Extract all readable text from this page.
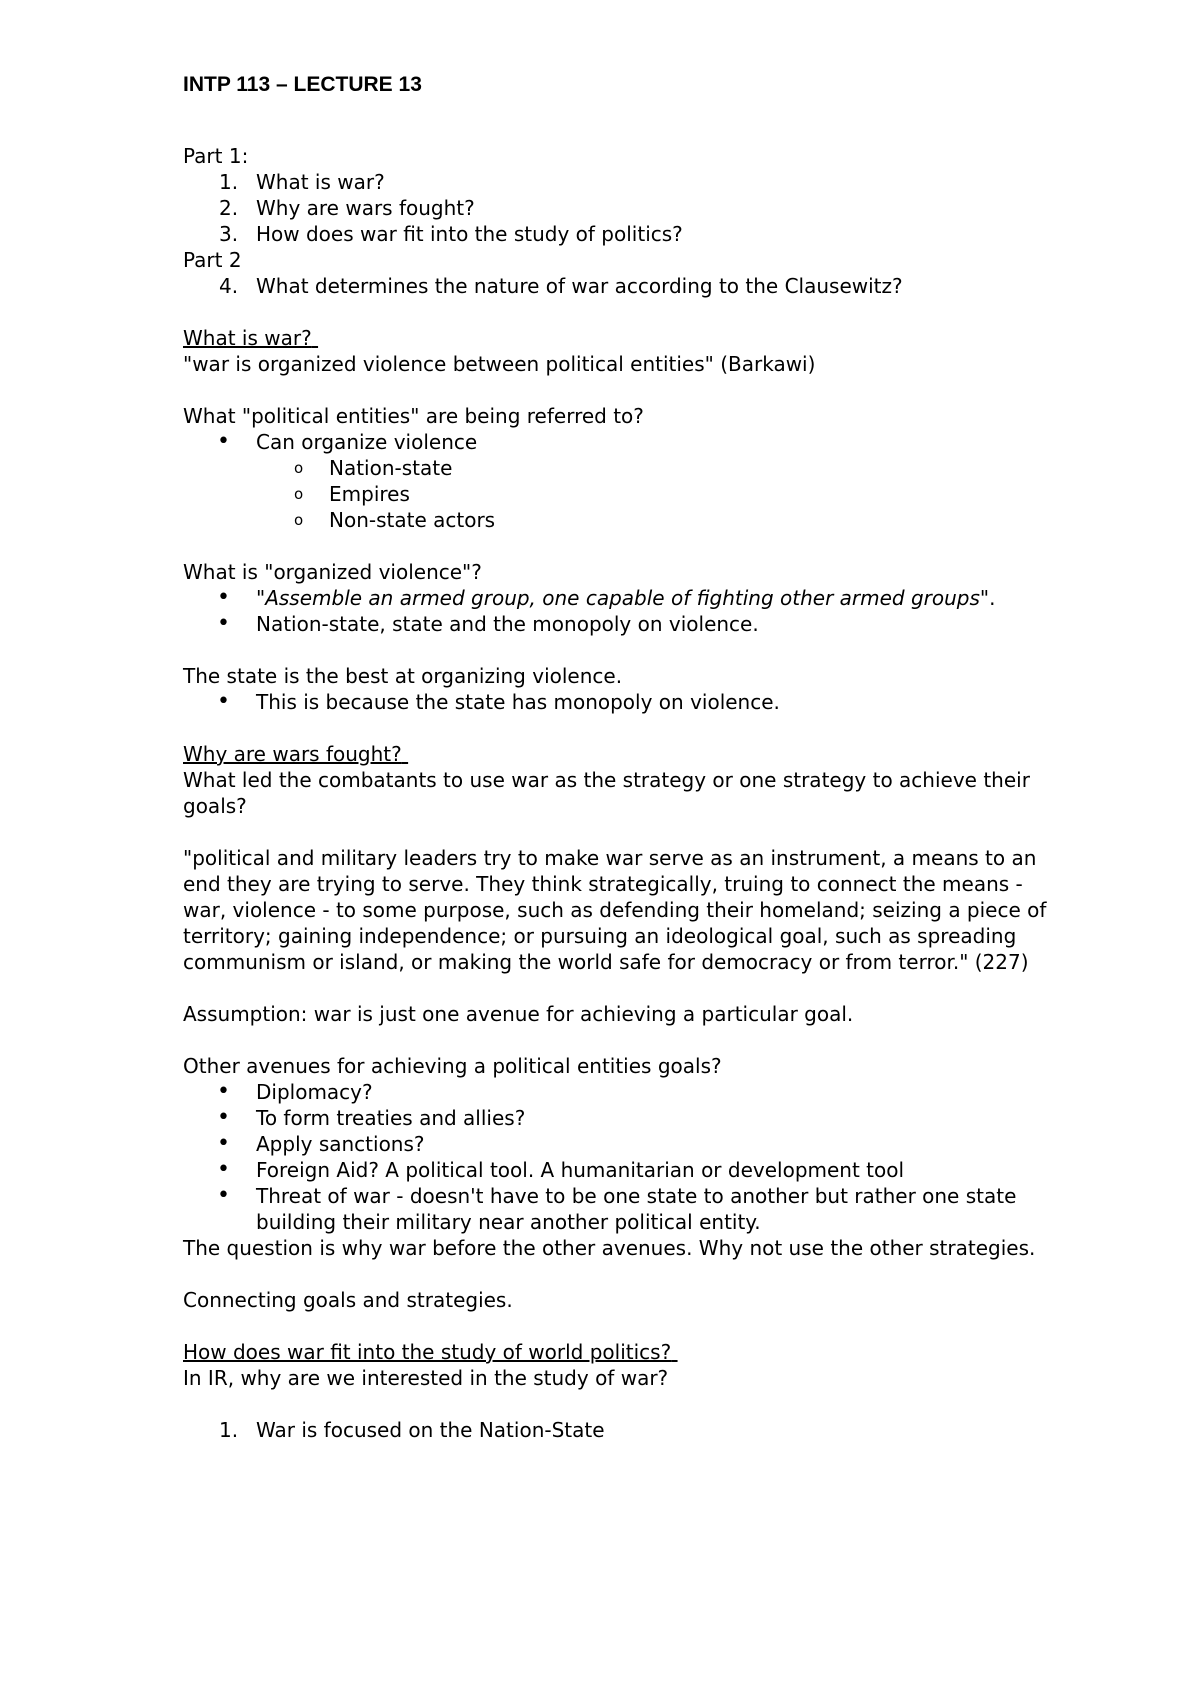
INTP 113 – LECTURE 13

Part 1:

1. What is war?
2. Why are wars fought?
3. How does war fit into the study of politics?

Part 2

4. What determines the nature of war according to the Clausewitz?

What is war?

"war is organized violence between political entities" (Barkawi)

What "political entities" are being referred to?

•	Can organize violence
o	Nation-state
o	Empires
o	Non-state actors

What is "organized violence"?

•	"Assemble an armed group, one capable of fighting other armed groups".
•	Nation-state, state and the monopoly on violence.

The state is the best at organizing violence.

•	This is because the state has monopoly on violence.

Why are wars fought?

What led the combatants to use war as the strategy or one strategy to achieve their goals?

"political and military leaders try to make war serve as an instrument, a means to an end they are trying to serve. They think strategically, truing to connect the means - war, violence - to some purpose, such as defending their homeland; seizing a piece of territory; gaining independence; or pursuing an ideological goal, such as spreading communism or island, or making the world safe for democracy or from terror." (227)

Assumption: war is just one avenue for achieving a particular goal.

Other avenues for achieving a political entities goals?

•	Diplomacy?
•	To form treaties and allies?
•	Apply sanctions?
•	Foreign Aid? A political tool. A humanitarian or development tool
•	Threat of war - doesn't have to be one state to another but rather one state building their military near another political entity.

The question is why war before the other avenues. Why not use the other strategies.

Connecting goals and strategies.

How does war fit into the study of world politics?

In IR, why are we interested in the study of war?

1. War is focused on the Nation-State
